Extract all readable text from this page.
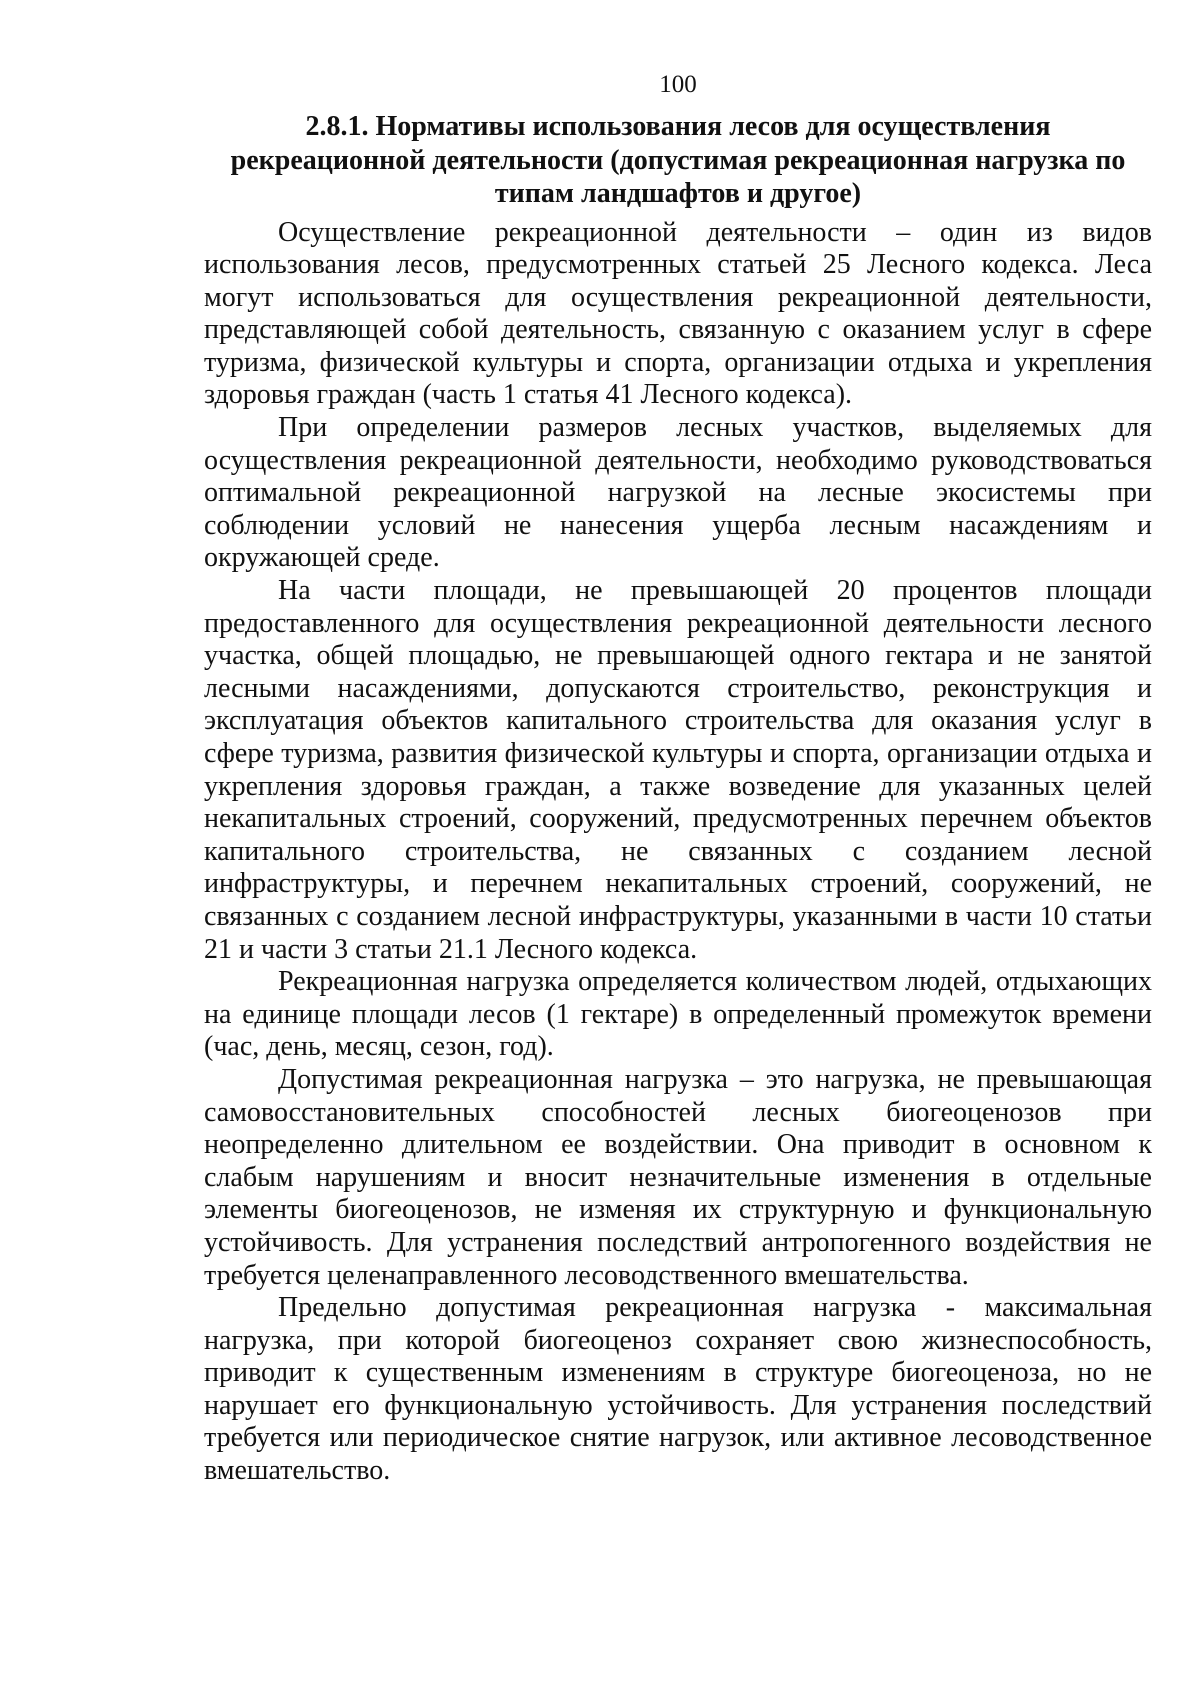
100
2.8.1. Нормативы использования лесов для осуществления
рекреационной деятельности (допустимая рекреационная нагрузка по
типам ландшафтов и другое)

Осуществление рекреационной деятельности – один из видов использования лесов, предусмотренных статьей 25 Лесного кодекса. Леса могут использоваться для осуществления рекреационной деятельности, представляющей собой деятельность, связанную с оказанием услуг в сфере туризма, физической культуры и спорта, организации отдыха и укрепления здоровья граждан (часть 1 статья 41 Лесного кодекса).

При определении размеров лесных участков, выделяемых для осуществления рекреационной деятельности, необходимо руководствоваться оптимальной рекреационной нагрузкой на лесные экосистемы при соблюдении условий не нанесения ущерба лесным насаждениям и окружающей среде.

На части площади, не превышающей 20 процентов площади предоставленного для осуществления рекреационной деятельности лесного участка, общей площадью, не превышающей одного гектара и не занятой лесными насаждениями, допускаются строительство, реконструкция и эксплуатация объектов капитального строительства для оказания услуг в сфере туризма, развития физической культуры и спорта, организации отдыха и укрепления здоровья граждан, а также возведение для указанных целей некапитальных строений, сооружений, предусмотренных перечнем объектов капитального строительства, не связанных с созданием лесной инфраструктуры, и перечнем некапитальных строений, сооружений, не связанных с созданием лесной инфраструктуры, указанными в части 10 статьи 21 и части 3 статьи 21.1 Лесного кодекса.

Рекреационная нагрузка определяется количеством людей, отдыхающих на единице площади лесов (1 гектаре) в определенный промежуток времени (час, день, месяц, сезон, год).

Допустимая рекреационная нагрузка – это нагрузка, не превышающая самовосстановительных способностей лесных биогеоценозов при неопределенно длительном ее воздействии. Она приводит в основном к слабым нарушениям и вносит незначительные изменения в отдельные элементы биогеоценозов, не изменяя их структурную и функциональную устойчивость. Для устранения последствий антропогенного воздействия не требуется целенаправленного лесоводственного вмешательства.

Предельно допустимая рекреационная нагрузка - максимальная нагрузка, при которой биогеоценоз сохраняет свою жизнеспособность, приводит к существенным изменениям в структуре биогеоценоза, но не нарушает его функциональную устойчивость. Для устранения последствий требуется или периодическое снятие нагрузок, или активное лесоводственное вмешательство.
